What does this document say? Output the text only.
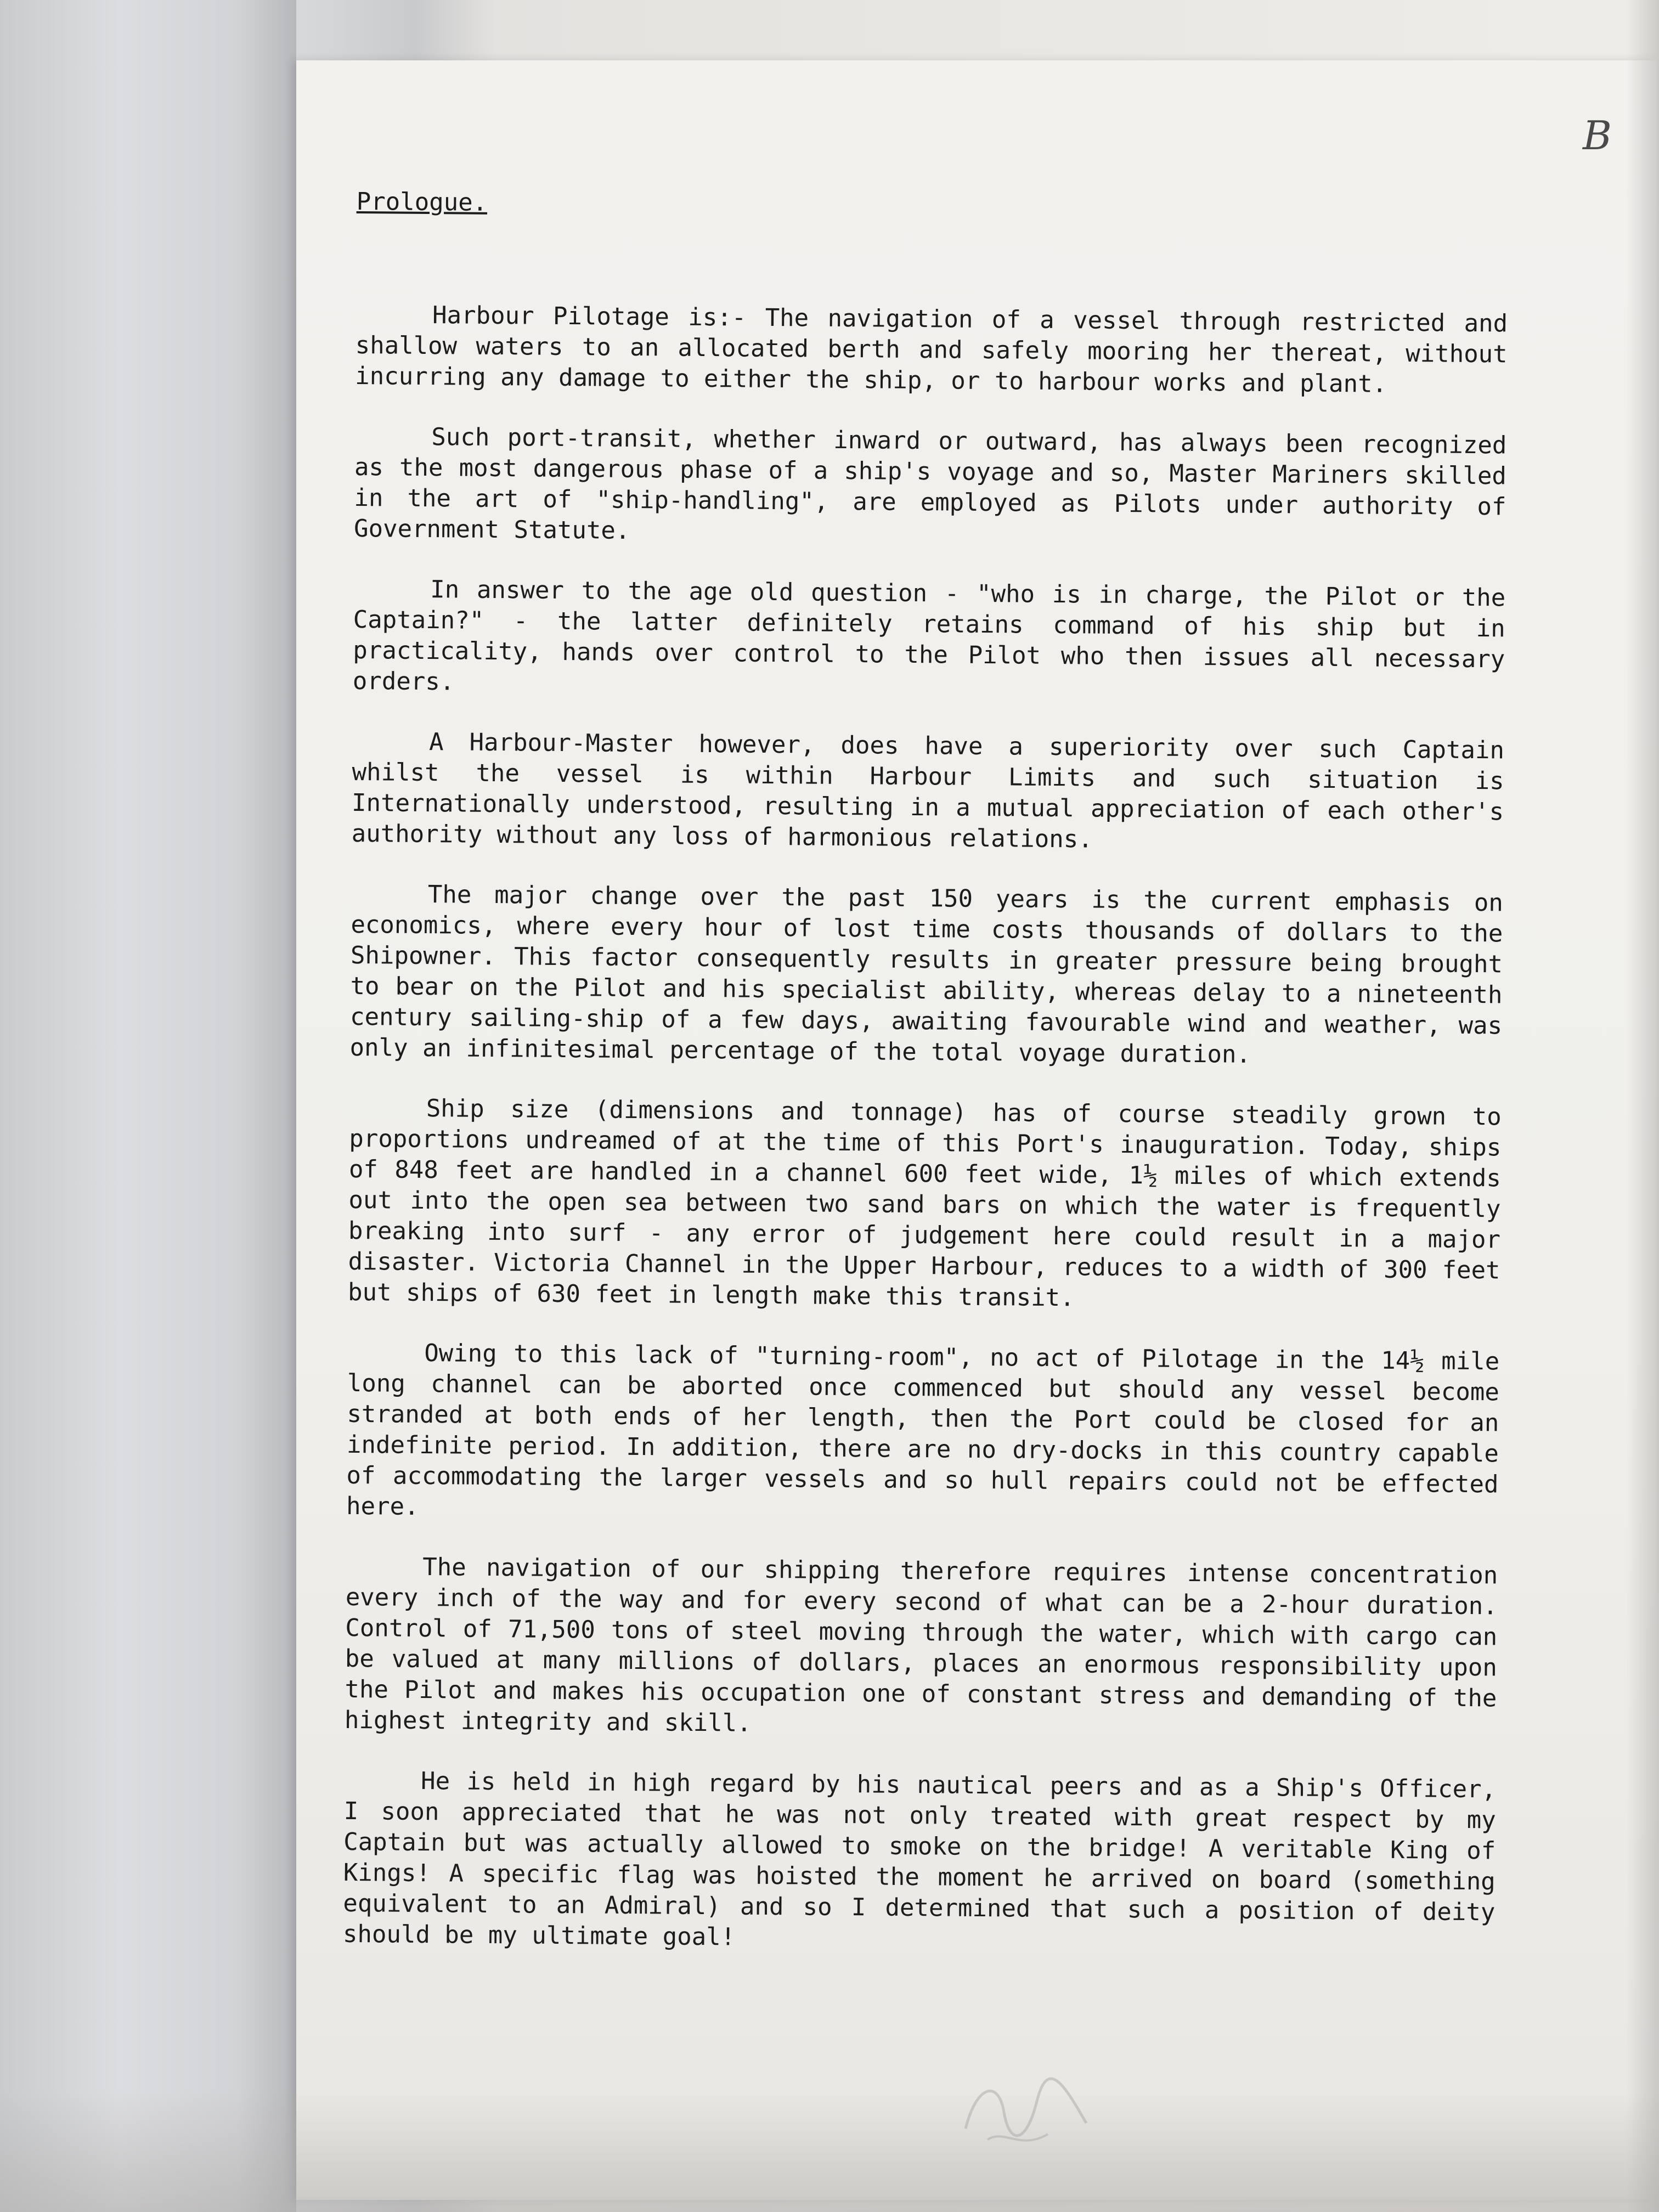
B
Prologue.

Harbour Pilotage is:- The navigation of a vessel through restricted and shallow waters to an allocated berth and safely mooring her thereat, without incurring any damage to either the ship, or to harbour works and plant.

Such port-transit, whether inward or outward, has always been recognized as the most dangerous phase of a ship's voyage and so, Master Mariners skilled in the art of "ship-handling", are employed as Pilots under authority of Government Statute.

In answer to the age old question - "who is in charge, the Pilot or the Captain?" - the latter definitely retains command of his ship but in practicality, hands over control to the Pilot who then issues all necessary orders.

A Harbour-Master however, does have a superiority over such Captain whilst the vessel is within Harbour Limits and such situation is Internationally understood, resulting in a mutual appreciation of each other's authority without any loss of harmonious relations.

The major change over the past 150 years is the current emphasis on economics, where every hour of lost time costs thousands of dollars to the Shipowner. This factor consequently results in greater pressure being brought to bear on the Pilot and his specialist ability, whereas delay to a nineteenth century sailing-ship of a few days, awaiting favourable wind and weather, was only an infinitesimal percentage of the total voyage duration.

Ship size (dimensions and tonnage) has of course steadily grown to proportions undreamed of at the time of this Port's inauguration. Today, ships of 848 feet are handled in a channel 600 feet wide, 1½ miles of which extends out into the open sea between two sand bars on which the water is frequently breaking into surf - any error of judgement here could result in a major disaster. Victoria Channel in the Upper Harbour, reduces to a width of 300 feet but ships of 630 feet in length make this transit.

Owing to this lack of "turning-room", no act of Pilotage in the 14½ mile long channel can be aborted once commenced but should any vessel become stranded at both ends of her length, then the Port could be closed for an indefinite period. In addition, there are no dry-docks in this country capable of accommodating the larger vessels and so hull repairs could not be effected here.

The navigation of our shipping therefore requires intense concentration every inch of the way and for every second of what can be a 2-hour duration. Control of 71,500 tons of steel moving through the water, which with cargo can be valued at many millions of dollars, places an enormous responsibility upon the Pilot and makes his occupation one of constant stress and demanding of the highest integrity and skill.

He is held in high regard by his nautical peers and as a Ship's Officer, I soon appreciated that he was not only treated with great respect by my Captain but was actually allowed to smoke on the bridge! A veritable King of Kings! A specific flag was hoisted the moment he arrived on board (something equivalent to an Admiral) and so I determined that such a position of deity should be my ultimate goal!
